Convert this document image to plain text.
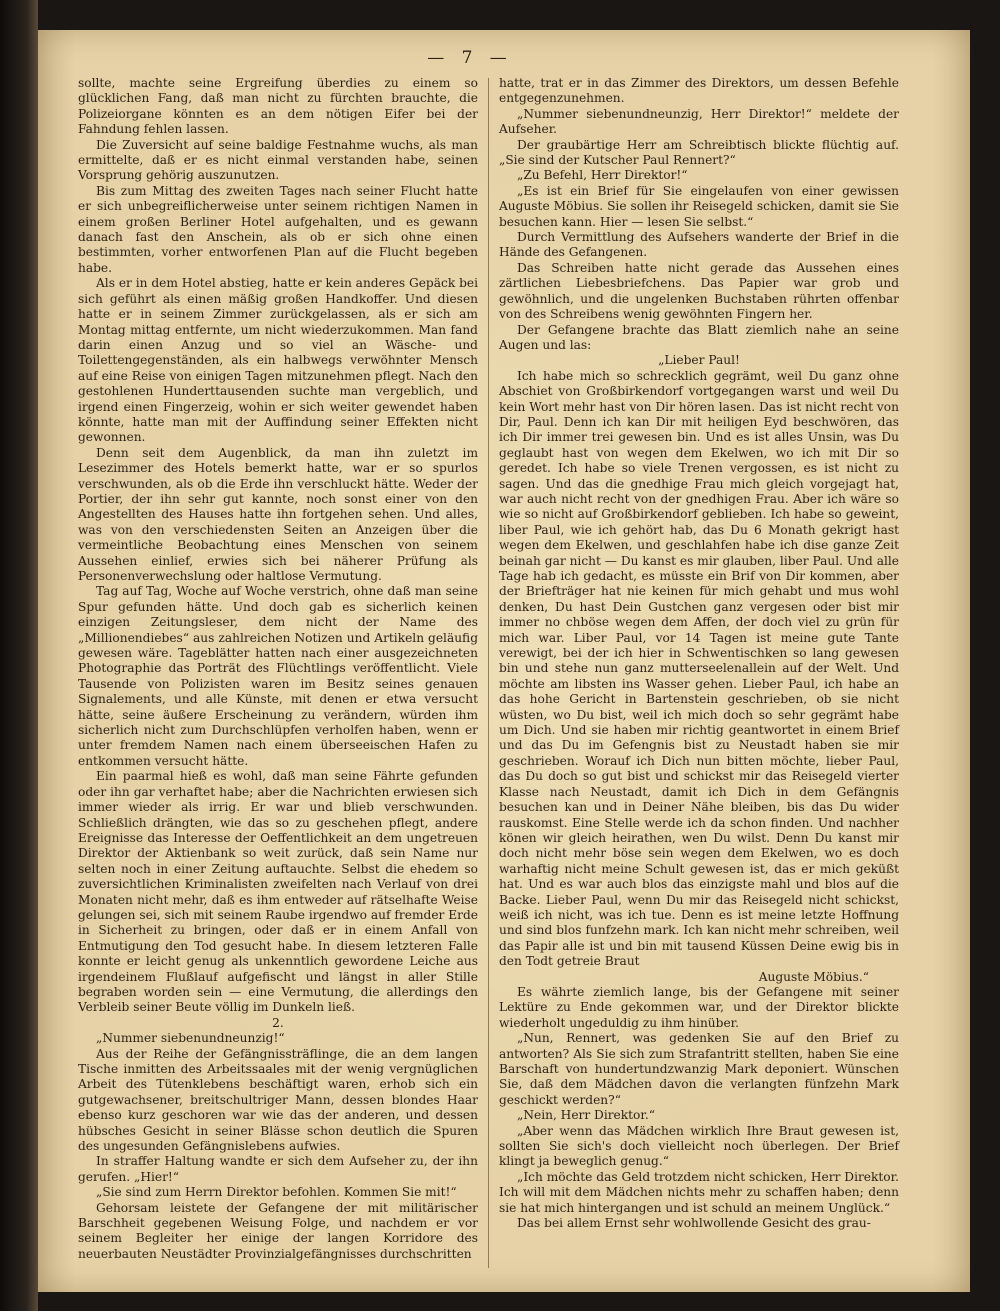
— 7 —

sollte, machte seine Ergreifung überdies zu einem so glücklichen Fang, daß man nicht zu fürchten brauchte, die Polizeiorgane könnten es an dem nötigen Eifer bei der Fahndung fehlen lassen.

Die Zuversicht auf seine baldige Festnahme wuchs, als man ermittelte, daß er es nicht einmal verstanden habe, seinen Vorsprung gehörig auszunutzen.

Bis zum Mittag des zweiten Tages nach seiner Flucht hatte er sich unbegreiflicherweise unter seinem richtigen Namen in einem großen Berliner Hotel aufgehalten, und es gewann danach fast den Anschein, als ob er sich ohne einen bestimmten, vorher entworfenen Plan auf die Flucht begeben habe.

Als er in dem Hotel abstieg, hatte er kein anderes Gepäck bei sich geführt als einen mäßig großen Handkoffer. Und diesen hatte er in seinem Zimmer zurückgelassen, als er sich am Montag mittag entfernte, um nicht wiederzukommen. Man fand darin einen Anzug und so viel an Wäsche- und Toilettengegenständen, als ein halbwegs verwöhnter Mensch auf eine Reise von einigen Tagen mitzunehmen pflegt. Nach den gestohlenen Hunderttausenden suchte man vergeblich, und irgend einen Fingerzeig, wohin er sich weiter gewendet haben könnte, hatte man mit der Auffindung seiner Effekten nicht gewonnen.

Denn seit dem Augenblick, da man ihn zuletzt im Lesezimmer des Hotels bemerkt hatte, war er so spurlos verschwunden, als ob die Erde ihn verschluckt hätte. Weder der Portier, der ihn sehr gut kannte, noch sonst einer von den Angestellten des Hauses hatte ihn fortgehen sehen. Und alles, was von den verschiedensten Seiten an Anzeigen über die vermeintliche Beobachtung eines Menschen von seinem Aussehen einlief, erwies sich bei näherer Prüfung als Personenverwechslung oder haltlose Vermutung.

Tag auf Tag, Woche auf Woche verstrich, ohne daß man seine Spur gefunden hätte. Und doch gab es sicherlich keinen einzigen Zeitungsleser, dem nicht der Name des „Millionendiebes“ aus zahlreichen Notizen und Artikeln geläufig gewesen wäre. Tageblätter hatten nach einer ausgezeichneten Photographie das Porträt des Flüchtlings veröffentlicht. Viele Tausende von Polizisten waren im Besitz seines genauen Signalements, und alle Künste, mit denen er etwa versucht hätte, seine äußere Erscheinung zu verändern, würden ihm sicherlich nicht zum Durchschlüpfen verholfen haben, wenn er unter fremdem Namen nach einem überseeischen Hafen zu entkommen versucht hätte.

Ein paarmal hieß es wohl, daß man seine Fährte gefunden oder ihn gar verhaftet habe; aber die Nachrichten erwiesen sich immer wieder als irrig. Er war und blieb verschwunden. Schließlich drängten, wie das so zu geschehen pflegt, andere Ereignisse das Interesse der Oeffentlichkeit an dem ungetreuen Direktor der Aktienbank so weit zurück, daß sein Name nur selten noch in einer Zeitung auftauchte. Selbst die ehedem so zuversichtlichen Kriminalisten zweifelten nach Verlauf von drei Monaten nicht mehr, daß es ihm entweder auf rätselhafte Weise gelungen sei, sich mit seinem Raube irgendwo auf fremder Erde in Sicherheit zu bringen, oder daß er in einem Anfall von Entmutigung den Tod gesucht habe. In diesem letzteren Falle konnte er leicht genug als unkenntlich gewordene Leiche aus irgendeinem Flußlauf aufgefischt und längst in aller Stille begraben worden sein — eine Vermutung, die allerdings den Verbleib seiner Beute völlig im Dunkeln ließ.

2.

„Nummer siebenundneunzig!“

Aus der Reihe der Gefängnissträflinge, die an dem langen Tische inmitten des Arbeitssaales mit der wenig vergnüglichen Arbeit des Tütenklebens beschäftigt waren, erhob sich ein gutgewachsener, breitschultriger Mann, dessen blondes Haar ebenso kurz geschoren war wie das der anderen, und dessen hübsches Gesicht in seiner Blässe schon deutlich die Spuren des ungesunden Gefängnislebens aufwies.

In straffer Haltung wandte er sich dem Aufseher zu, der ihn gerufen. „Hier!“

„Sie sind zum Herrn Direktor befohlen. Kommen Sie mit!“

Gehorsam leistete der Gefangene der mit militärischer Barschheit gegebenen Weisung Folge, und nachdem er vor seinem Begleiter her einige der langen Korridore des neuerbauten Neustädter Provinzialgefängnisses durchschritten

hatte, trat er in das Zimmer des Direktors, um dessen Befehle entgegenzunehmen.

„Nummer siebenundneunzig, Herr Direktor!“ meldete der Aufseher.

Der graubärtige Herr am Schreibtisch blickte flüchtig auf. „Sie sind der Kutscher Paul Rennert?“

„Zu Befehl, Herr Direktor!“

„Es ist ein Brief für Sie eingelaufen von einer gewissen Auguste Möbius. Sie sollen ihr Reisegeld schicken, damit sie Sie besuchen kann. Hier — lesen Sie selbst.“

Durch Vermittlung des Aufsehers wanderte der Brief in die Hände des Gefangenen.

Das Schreiben hatte nicht gerade das Aussehen eines zärtlichen Liebesbriefchens. Das Papier war grob und gewöhnlich, und die ungelenken Buchstaben rührten offenbar von des Schreibens wenig gewöhnten Fingern her.

Der Gefangene brachte das Blatt ziemlich nahe an seine Augen und las:

„Lieber Paul!

Ich habe mich so schrecklich gegrämt, weil Du ganz ohne Abschiet von Großbirkendorf vortgegangen warst und weil Du kein Wort mehr hast von Dir hören lasen. Das ist nicht recht von Dir, Paul. Denn ich kan Dir mit heiligen Eyd beschwören, das ich Dir immer trei gewesen bin. Und es ist alles Unsin, was Du geglaubt hast von wegen dem Ekelwen, wo ich mit Dir so geredet. Ich habe so viele Trenen vergossen, es ist nicht zu sagen. Und das die gnedhige Frau mich gleich vorgejagt hat, war auch nicht recht von der gnedhigen Frau. Aber ich wäre so wie so nicht auf Großbirkendorf geblieben. Ich habe so geweint, liber Paul, wie ich gehört hab, das Du 6 Monath gekrigt hast wegen dem Ekelwen, und geschlahfen habe ich dise ganze Zeit beinah gar nicht — Du kanst es mir glauben, liber Paul. Und alle Tage hab ich gedacht, es müsste ein Brif von Dir kommen, aber der Briefträger hat nie keinen für mich gehabt und mus wohl denken, Du hast Dein Gustchen ganz vergesen oder bist mir immer no chböse wegen dem Affen, der doch viel zu grün für mich war. Liber Paul, vor 14 Tagen ist meine gute Tante verewigt, bei der ich hier in Schwentischken so lang gewesen bin und stehe nun ganz mutterseelenallein auf der Welt. Und möchte am libsten ins Wasser gehen. Lieber Paul, ich habe an das hohe Gericht in Bartenstein geschrieben, ob sie nicht wüsten, wo Du bist, weil ich mich doch so sehr gegrämt habe um Dich. Und sie haben mir richtig geantwortet in einem Brief und das Du im Gefengnis bist zu Neustadt haben sie mir geschrieben. Worauf ich Dich nun bitten möchte, lieber Paul, das Du doch so gut bist und schickst mir das Reisegeld vierter Klasse nach Neustadt, damit ich Dich in dem Gefängnis besuchen kan und in Deiner Nähe bleiben, bis das Du wider rauskomst. Eine Stelle werde ich da schon finden. Und nachher könen wir gleich heirathen, wen Du wilst. Denn Du kanst mir doch nicht mehr böse sein wegen dem Ekelwen, wo es doch warhaftig nicht meine Schult gewesen ist, das er mich geküßt hat. Und es war auch blos das einzigste mahl und blos auf die Backe. Lieber Paul, wenn Du mir das Reisegeld nicht schickst, weiß ich nicht, was ich tue. Denn es ist meine letzte Hoffnung und sind blos funfzehn mark. Ich kan nicht mehr schreiben, weil das Papir alle ist und bin mit tausend Küssen Deine ewig bis in den Todt getreie Braut

Auguste Möbius.“

Es währte ziemlich lange, bis der Gefangene mit seiner Lektüre zu Ende gekommen war, und der Direktor blickte wiederholt ungeduldig zu ihm hinüber.

„Nun, Rennert, was gedenken Sie auf den Brief zu antworten? Als Sie sich zum Strafantritt stellten, haben Sie eine Barschaft von hundertundzwanzig Mark deponiert. Wünschen Sie, daß dem Mädchen davon die verlangten fünfzehn Mark geschickt werden?“

„Nein, Herr Direktor.“

„Aber wenn das Mädchen wirklich Ihre Braut gewesen ist, sollten Sie sich's doch vielleicht noch überlegen. Der Brief klingt ja beweglich genug.“

„Ich möchte das Geld trotzdem nicht schicken, Herr Direktor. Ich will mit dem Mädchen nichts mehr zu schaffen haben; denn sie hat mich hintergangen und ist schuld an meinem Unglück.“

Das bei allem Ernst sehr wohlwollende Gesicht des grau-
